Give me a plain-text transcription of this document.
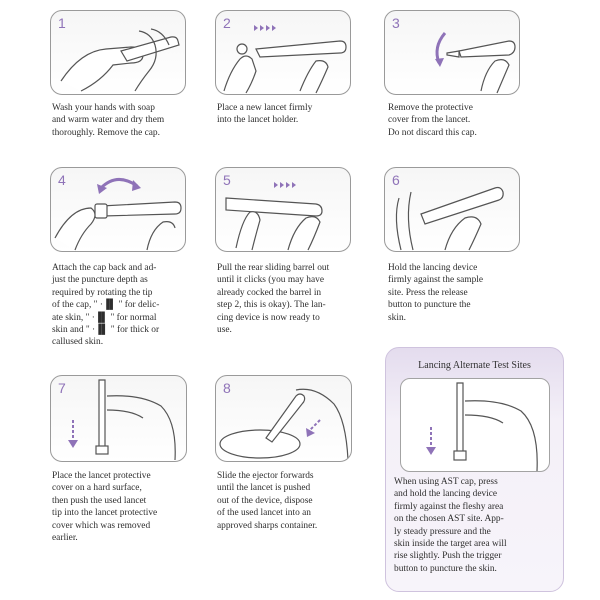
1
Wash your hands with soap
and warm water and dry them
thoroughly. Remove the cap.
2
Place a new lancet firmly
into the lancet holder.
3
Remove the protective
cover from the lancet.
Do not discard this cap.
4
Attach the cap back and ad-
just the puncture depth as
required by rotating the tip
of the cap, " ·▐▌ " for delic-
ate skin, " ·▐▌ " for normal
skin and " ·▐▌ " for thick or
callused skin.
5
Pull the rear sliding barrel out
until it clicks (you may have
already cocked the barrel in
step 2, this is okay). The lan-
cing device is now ready to
use.
6
Hold the lancing device
firmly against the sample
site. Press the release
button to puncture the
skin.
7
Place the lancet protective
cover on a hard surface,
then push the used lancet
tip into the lancet protective
cover which was removed
earlier.
8
Slide the ejector forwards
until the lancet is pushed
out of the device, dispose
of the used lancet into an
approved sharps container.
Lancing Alternate Test Sites
When using AST cap, press
and hold the lancing device
firmly against the fleshy area
on the chosen AST site. App-
ly steady pressure and the
skin inside the target area will
rise slightly. Push the trigger
button to puncture the skin.
